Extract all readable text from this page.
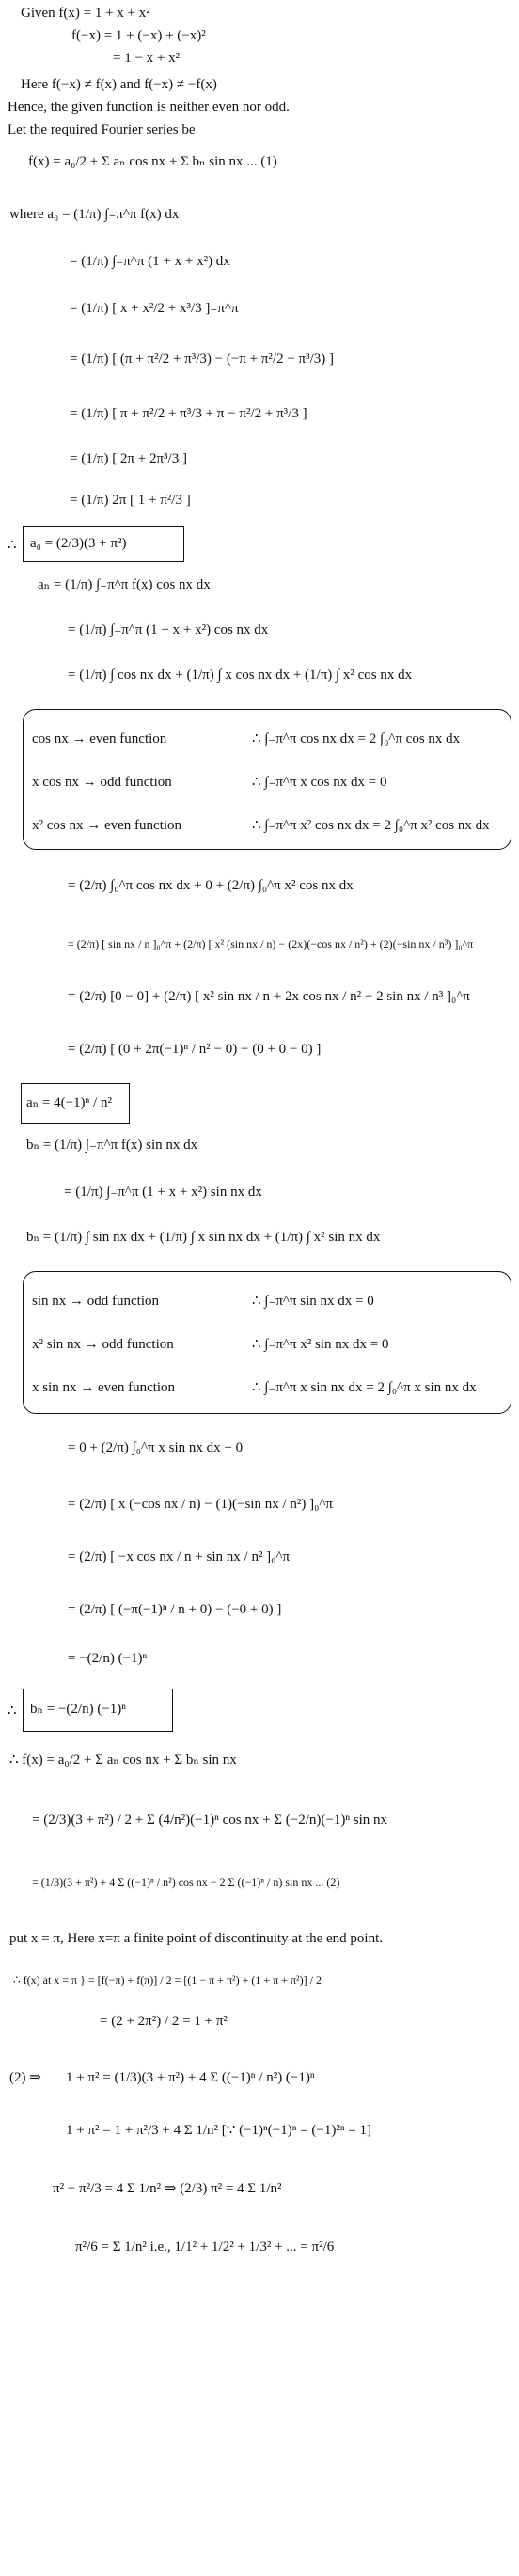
Given f(x) = 1 + x + x²
f(−x) = 1 + (−x) + (−x)²
= 1 − x + x²
Here f(−x) ≠ f(x) and f(−x) ≠ −f(x)
Hence, the given function is neither even nor odd.
Let the required Fourier series be
f(x) = a₀/2 + Σ aₙ cos nx + Σ bₙ sin nx ... (1)
where a₀ = (1/π) ∫₋π^π f(x) dx
= (1/π) ∫₋π^π (1 + x + x²) dx
= (1/π) [ x + x²/2 + x³/3 ]₋π^π
= (1/π) [ (π + π²/2 + π³/3) − (−π + π²/2 − π³/3) ]
= (1/π) [ π + π²/2 + π³/3 + π − π²/2 + π³/3 ]
= (1/π) [ 2π + 2π³/3 ]
= (1/π) 2π [ 1 + π²/3 ]
∴ a₀ = (2/3)(3 + π²)
aₙ = (1/π) ∫₋π^π f(x) cos nx dx
= (1/π) ∫₋π^π (1 + x + x²) cos nx dx
= (1/π) ∫ cos nx dx + (1/π) ∫ x cos nx dx + (1/π) ∫ x² cos nx dx
cos nx → even function	∴ ∫₋π^π cos nx dx = 2 ∫₀^π cos nx dx
x cos nx → odd function	∴ ∫₋π^π x cos nx dx = 0
x² cos nx → even function	∴ ∫₋π^π x² cos nx dx = 2 ∫₀^π x² cos nx dx
= (2/π) ∫₀^π cos nx dx + 0 + (2/π) ∫₀^π x² cos nx dx
= (2/π) [ sin nx / n ]₀^π + (2/π) [ x² (sin nx / n) − (2x)(−cos nx / n²) + (2)(−sin nx / n³) ]₀^π
= (2/π) [0 − 0] + (2/π) [ x² sin nx / n + 2x cos nx / n² − 2 sin nx / n³ ]₀^π
= (2/π) [ (0 + 2π(−1)ⁿ / n² − 0) − (0 + 0 − 0) ]
aₙ = 4(−1)ⁿ / n²
bₙ = (1/π) ∫₋π^π f(x) sin nx dx
= (1/π) ∫₋π^π (1 + x + x²) sin nx dx
bₙ = (1/π) ∫ sin nx dx + (1/π) ∫ x sin nx dx + (1/π) ∫ x² sin nx dx
sin nx → odd function	∴ ∫₋π^π sin nx dx = 0
x² sin nx → odd function	∴ ∫₋π^π x² sin nx dx = 0
x sin nx → even function	∴ ∫₋π^π x sin nx dx = 2 ∫₀^π x sin nx dx
= 0 + (2/π) ∫₀^π x sin nx dx + 0
= (2/π) [ x (−cos nx / n) − (1)(−sin nx / n²) ]₀^π
= (2/π) [ −x cos nx / n + sin nx / n² ]₀^π
= (2/π) [ (−π(−1)ⁿ / n + 0) − (−0 + 0) ]
= −(2/n) (−1)ⁿ
∴ bₙ = −(2/n) (−1)ⁿ
∴ f(x) = a₀/2 + Σ aₙ cos nx + Σ bₙ sin nx
= (2/3)(3 + π²) / 2 + Σ (4/n²)(−1)ⁿ cos nx + Σ (−2/n)(−1)ⁿ sin nx
= (1/3)(3 + π²) + 4 Σ ((−1)ⁿ / n²) cos nx − 2 Σ ((−1)ⁿ / n) sin nx ... (2)
put x = π, Here x=π a finite point of discontinuity at the end point.
∴ f(x) at x = π } = [f(−π) + f(π)] / 2 = [(1 − π + π²) + (1 + π + π²)] / 2
= (2 + 2π²) / 2 = 1 + π²
(2) ⇒ 1 + π² = (1/3)(3 + π²) + 4 Σ ((−1)ⁿ / n²) (−1)ⁿ
1 + π² = 1 + π²/3 + 4 Σ 1/n² [∵ (−1)ⁿ(−1)ⁿ = (−1)²ⁿ = 1]
π² − π²/3 = 4 Σ 1/n² ⇒ (2/3) π² = 4 Σ 1/n²
π²/6 = Σ 1/n² i.e., 1/1² + 1/2² + 1/3² + ... = π²/6
